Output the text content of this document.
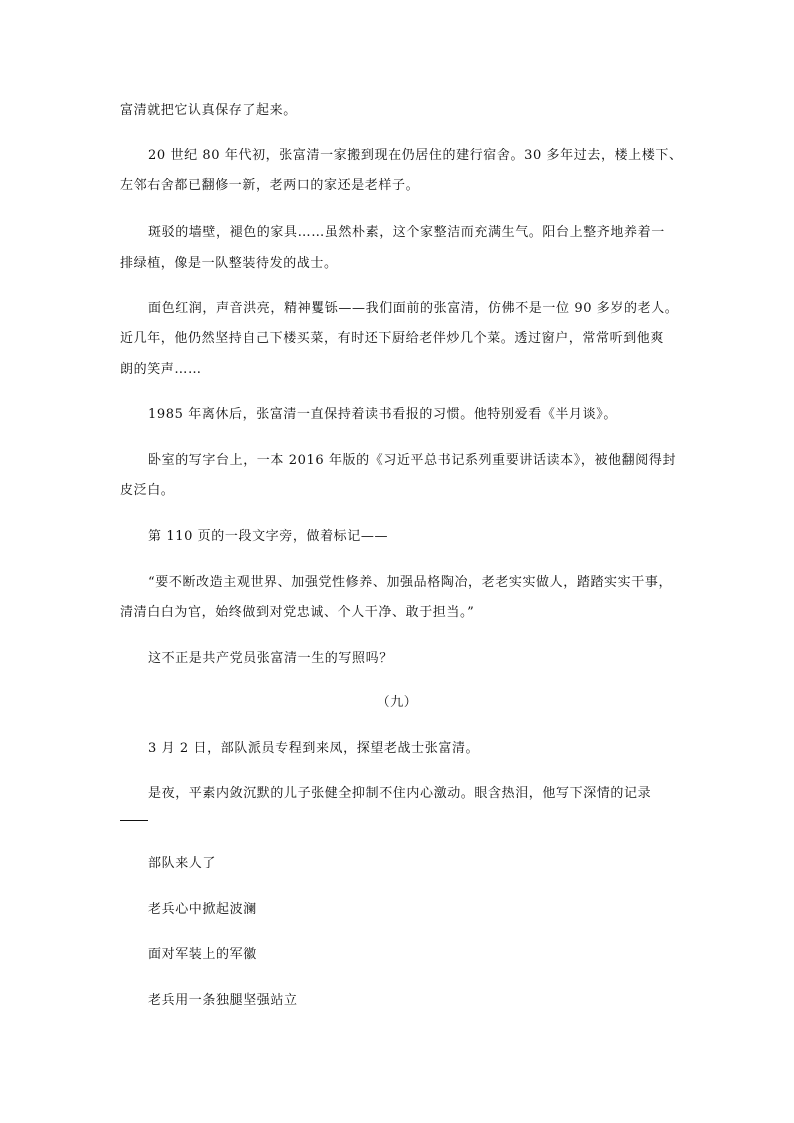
富清就把它认真保存了起来。
20 世纪 80 年代初，张富清一家搬到现在仍居住的建行宿舍。30 多年过去，楼上楼下、
左邻右舍都已翻修一新，老两口的家还是老样子。
斑驳的墙壁，褪色的家具……虽然朴素，这个家整洁而充满生气。阳台上整齐地养着一
排绿植，像是一队整装待发的战士。
面色红润，声音洪亮，精神矍铄——我们面前的张富清，仿佛不是一位 90 多岁的老人。
近几年，他仍然坚持自己下楼买菜，有时还下厨给老伴炒几个菜。透过窗户，常常听到他爽
朗的笑声……
1985 年离休后，张富清一直保持着读书看报的习惯。他特别爱看《半月谈》。
卧室的写字台上，一本 2016 年版的《习近平总书记系列重要讲话读本》，被他翻阅得封
皮泛白。
第 110 页的一段文字旁，做着标记——
“要不断改造主观世界、加强党性修养、加强品格陶冶，老老实实做人，踏踏实实干事，
清清白白为官，始终做到对党忠诚、个人干净、敢于担当。”
这不正是共产党员张富清一生的写照吗？
（九）
3 月 2 日，部队派员专程到来凤，探望老战士张富清。
是夜，平素内敛沉默的儿子张健全抑制不住内心激动。眼含热泪，他写下深情的记录
部队来人了
老兵心中掀起波澜
面对军装上的军徽
老兵用一条独腿坚强站立
